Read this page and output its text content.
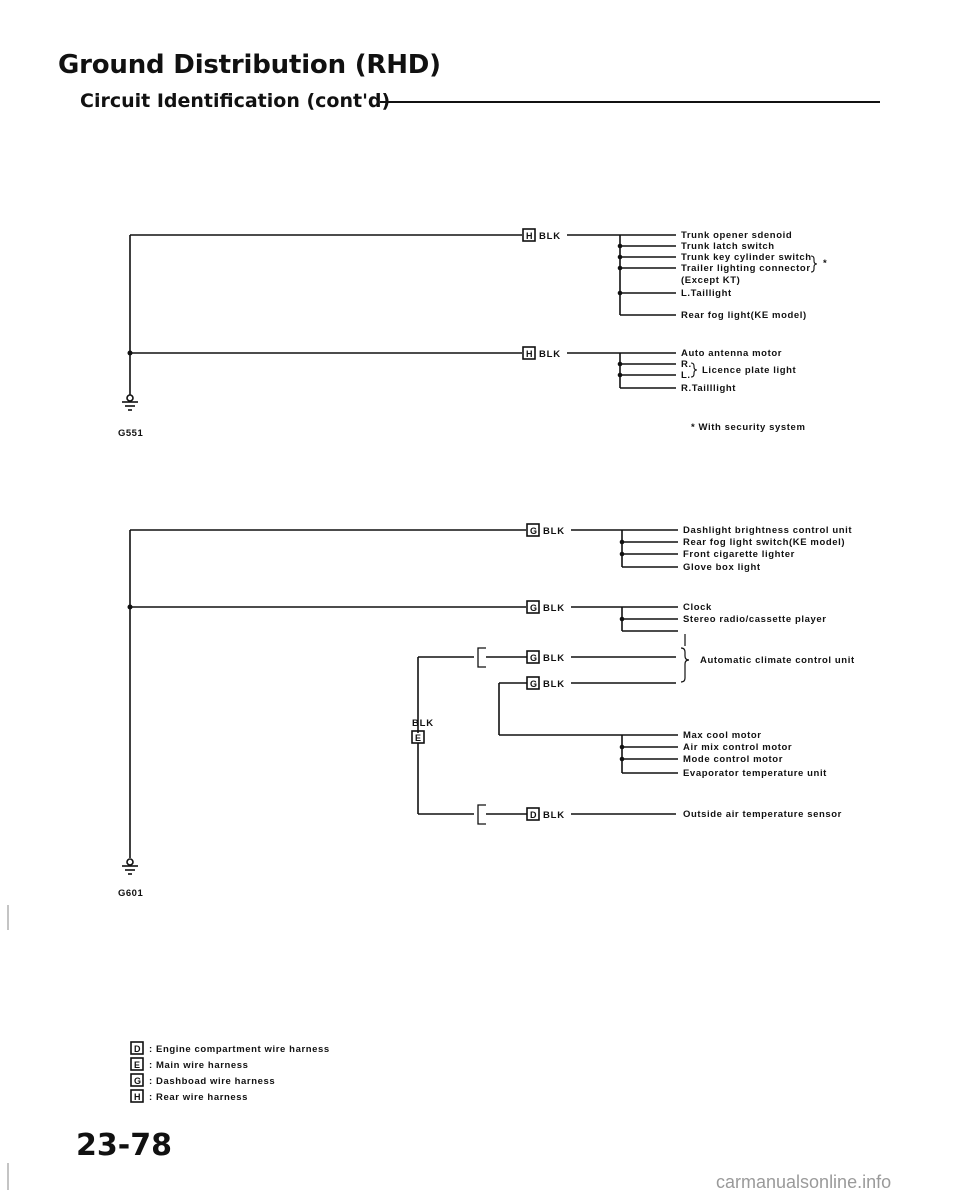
Ground Distribution (RHD)
Circuit Identification (cont'd)
H BLK
H BLK
G551
Trunk opener sdenoid
Trunk latch switch
Trunk key cylinder switch
Trailer lighting connector
(Except KT)
L.Taillight
Rear fog light(KE model)
*
Auto antenna motor
R.
L. Licence plate light
R.Tailllight
* With security system
G BLK
G BLK
G BLK
G BLK
E
BLK
D BLK
G601
Dashlight brightness control unit
Rear fog light switch(KE model)
Front cigarette lighter
Glove box light
Clock
Stereo radio/cassette player
Automatic climate control unit
Max cool motor
Air mix control motor
Mode control motor
Evaporator temperature unit
Outside air temperature sensor
D
E
G
H
: Engine compartment wire harness
: Main wire harness
: Dashboad wire harness
: Rear wire harness
23-78
carmanualsonline.info
